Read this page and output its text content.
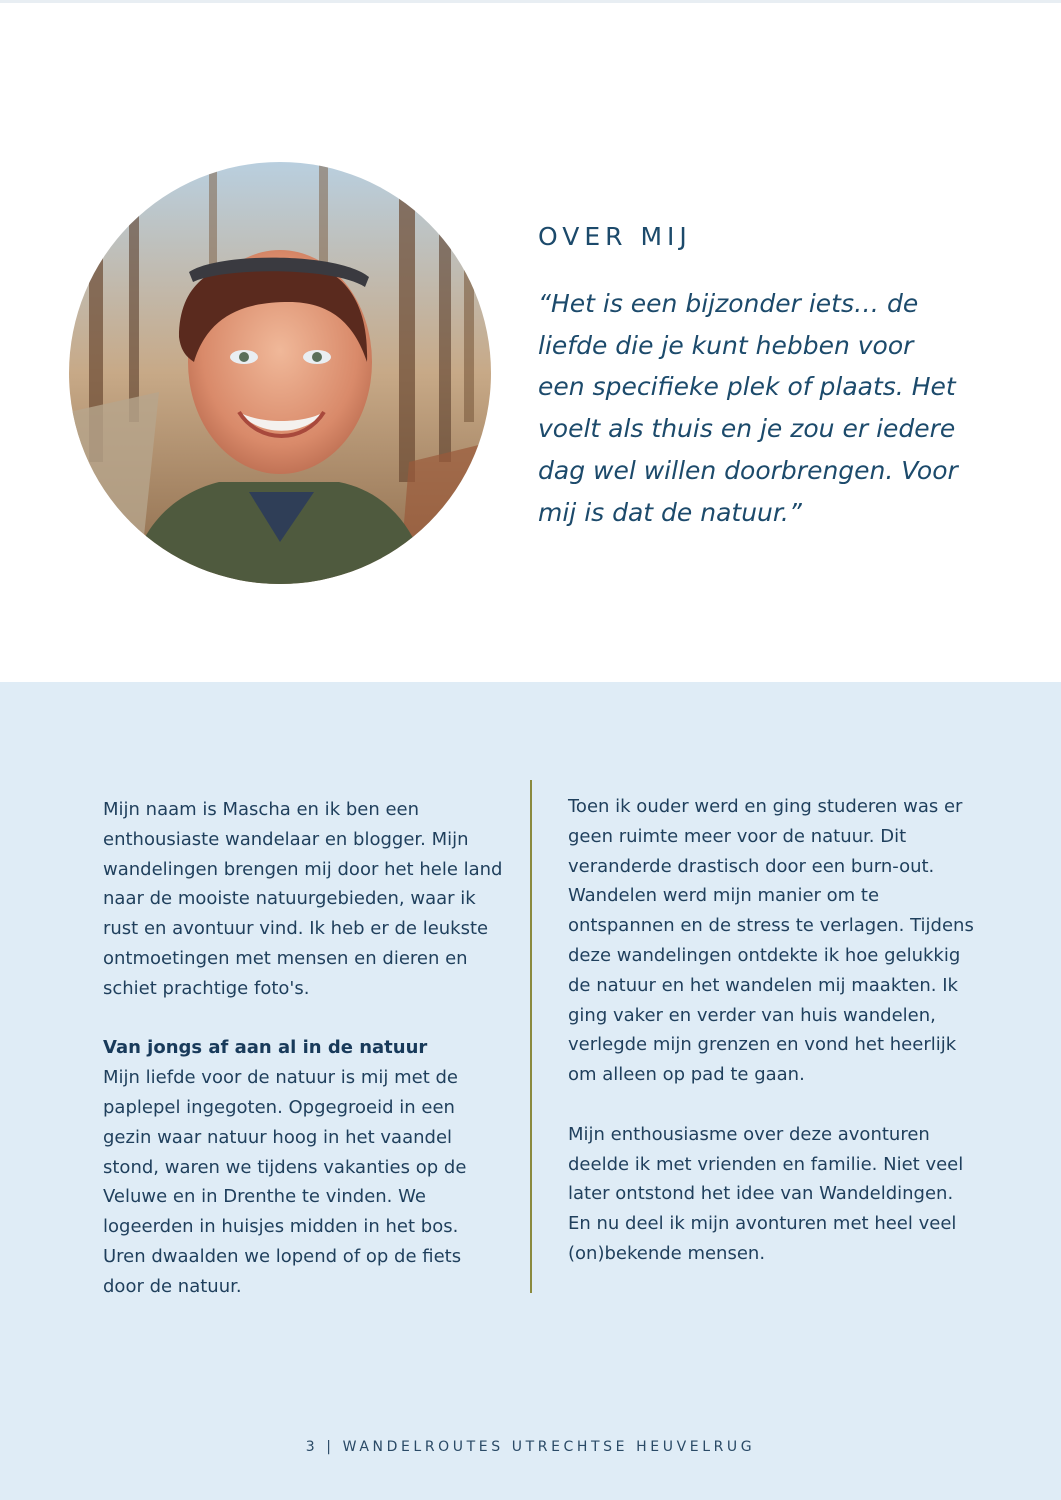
OVER MIJ

“Het is een bijzonder iets… de liefde die je kunt hebben voor een specifieke plek of plaats. Het voelt als thuis en je zou er iedere dag wel willen doorbrengen. Voor mij is dat de natuur.”

Mijn naam is Mascha en ik ben een enthousiaste wandelaar en blogger. Mijn wandelingen brengen mij door het hele land naar de mooiste natuurgebieden, waar ik rust en avontuur vind. Ik heb er de leukste ontmoetingen met mensen en dieren en schiet prachtige foto's.

Van jongs af aan al in de natuur

Mijn liefde voor de natuur is mij met de paplepel ingegoten. Opgegroeid in een gezin waar natuur hoog in het vaandel stond, waren we tijdens vakanties op de Veluwe en in Drenthe te vinden. We logeerden in huisjes midden in het bos. Uren dwaalden we lopend of op de fiets door de natuur.

Toen ik ouder werd en ging studeren was er geen ruimte meer voor de natuur. Dit veranderde drastisch door een burn-out. Wandelen werd mijn manier om te ontspannen en de stress te verlagen. Tijdens deze wandelingen ontdekte ik hoe gelukkig de natuur en het wandelen mij maakten. Ik ging vaker en verder van huis wandelen, verlegde mijn grenzen en vond het heerlijk om alleen op pad te gaan.

Mijn enthousiasme over deze avonturen deelde ik met vrienden en familie. Niet veel later ontstond het idee van Wandeldingen. En nu deel ik mijn avonturen met heel veel (on)bekende mensen.

3 | WANDELROUTES UTRECHTSE HEUVELRUG
